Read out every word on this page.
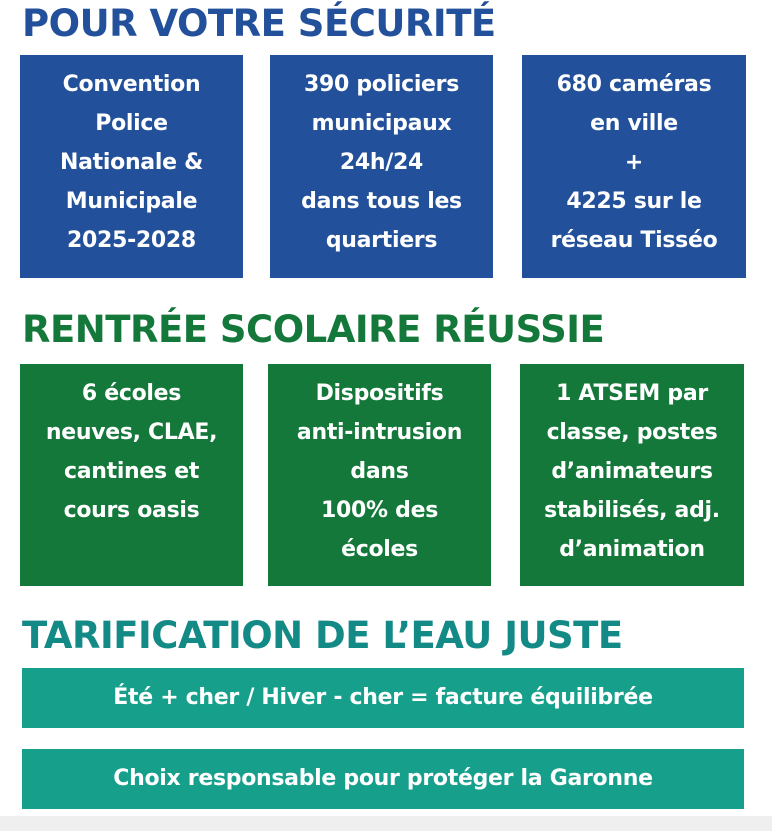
POUR VOTRE SÉCURITÉ
Convention
Police
Nationale &
Municipale
2025-2028
390 policiers
municipaux
24h/24
dans tous les
quartiers
680 caméras
en ville
+
4225 sur le
réseau Tisséo
RENTRÉE SCOLAIRE RÉUSSIE
6 écoles
neuves, CLAE,
cantines et
cours oasis
Dispositifs
anti-intrusion
dans
100% des
écoles
1 ATSEM par
classe, postes
d’animateurs
stabilisés, adj.
d’animation
TARIFICATION DE L’EAU JUSTE
Été + cher / Hiver - cher = facture équilibrée
Choix responsable pour protéger la Garonne
